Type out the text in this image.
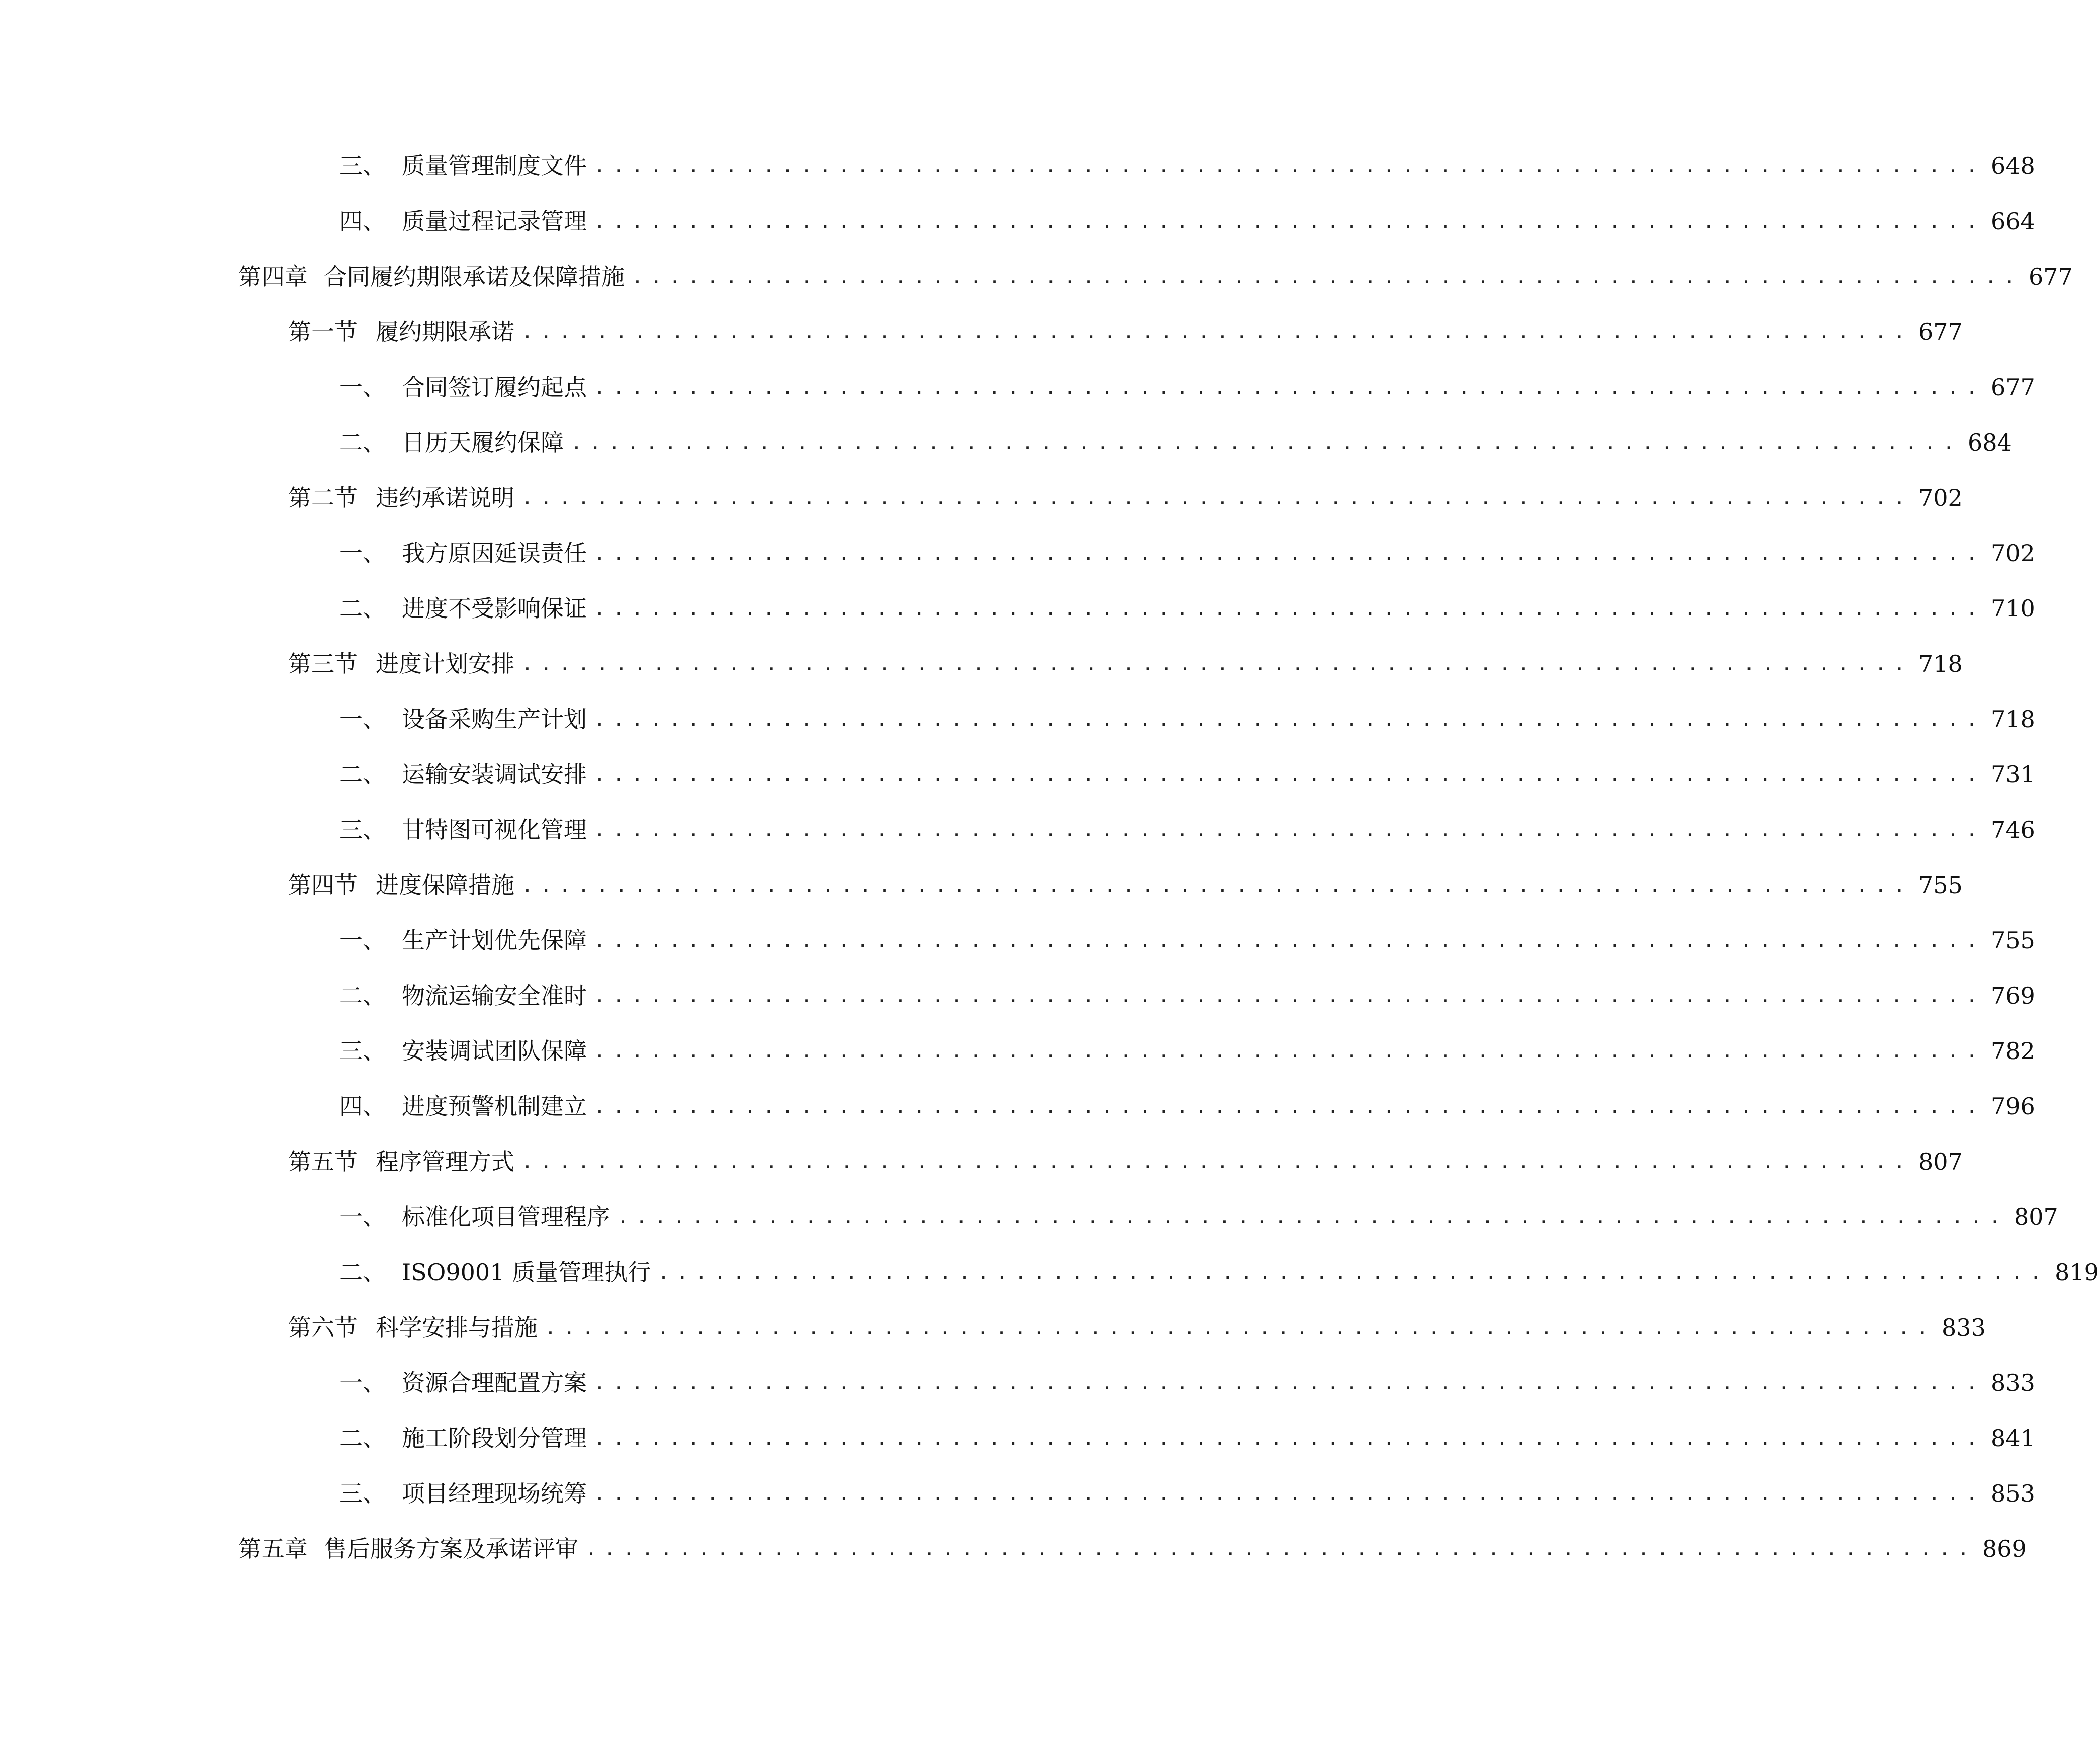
三、 质量管理制度文件 .......................................................................... 648
四、 质量过程记录管理 .......................................................................... 664
第四章 合同履约期限承诺及保障措施 .......................................................................... 677
第一节 履约期限承诺 .......................................................................... 677
一、 合同签订履约起点 .......................................................................... 677
二、 日历天履约保障 .......................................................................... 684
第二节 违约承诺说明 .......................................................................... 702
一、 我方原因延误责任 .......................................................................... 702
二、 进度不受影响保证 .......................................................................... 710
第三节 进度计划安排 .......................................................................... 718
一、 设备采购生产计划 .......................................................................... 718
二、 运输安装调试安排 .......................................................................... 731
三、 甘特图可视化管理 .......................................................................... 746
第四节 进度保障措施 .......................................................................... 755
一、 生产计划优先保障 .......................................................................... 755
二、 物流运输安全准时 .......................................................................... 769
三、 安装调试团队保障 .......................................................................... 782
四、 进度预警机制建立 .......................................................................... 796
第五节 程序管理方式 .......................................................................... 807
一、 标准化项目管理程序 .......................................................................... 807
二、 ISO9001 质量管理执行 .......................................................................... 819
第六节 科学安排与措施 .......................................................................... 833
一、 资源合理配置方案 .......................................................................... 833
二、 施工阶段划分管理 .......................................................................... 841
三、 项目经理现场统筹 .......................................................................... 853
第五章 售后服务方案及承诺评审 .......................................................................... 869
